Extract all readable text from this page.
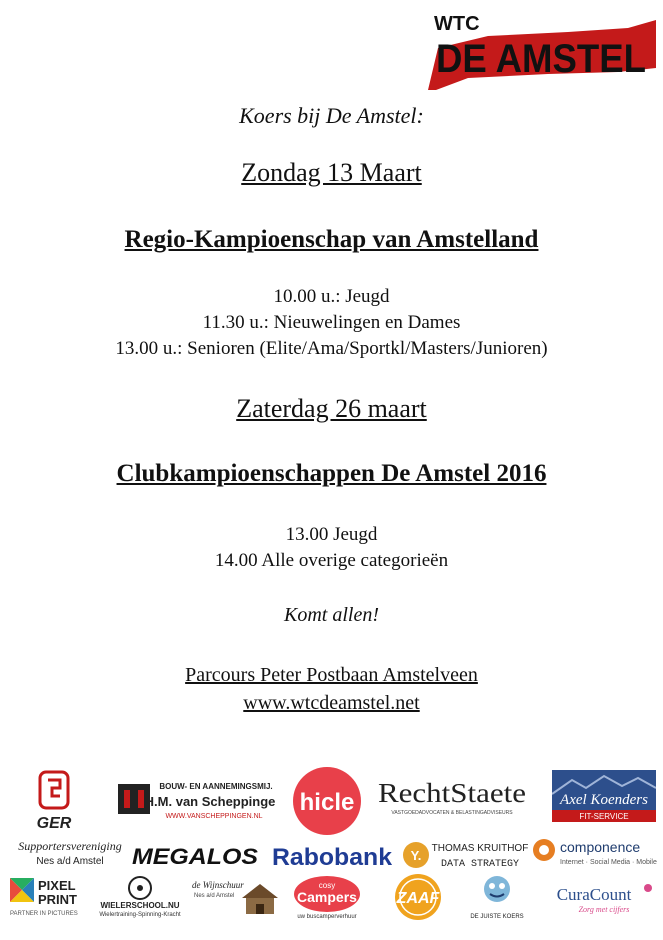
WTC
DE AMSTEL
Koers bij De Amstel:
Zondag 13 Maart
Regio-Kampioenschap van Amstelland
10.00 u.: Jeugd
11.30 u.: Nieuwelingen en Dames
13.00 u.: Senioren (Elite/Ama/Sportkl/Masters/Junioren)
Zaterdag 26 maart
Clubkampioenschappen De Amstel 2016
13.00 Jeugd
14.00 Alle overige categorieën
Komt allen!
Parcours Peter Postbaan Amstelveen
www.wtcdeamstel.net
GER
BOUW- EN AANNEMINGSMIJ.
H.M. van Scheppingen
WWW.VANSCHEPPINGEN.NL
hicle RechtStaete
VASTGOEDADVOCATEN & BELASTINGADVISEURS
Axel Koenders
FIT-SERVICE
Supportersvereniging
Nes a/d Amstel MEGALOS Rabobank Y. THOMAS KRUITHOF
DATA STRATEGY
componence
Internet · Social Media · Mobile
PIXEL
PRINT
PARTNER IN PICTURES
WIELERSCHOOL.NU
Wielertraining-Spinning-Kracht
de Wijnschuur
Nes a/d Amstel
cosy
Campers
uw buscamperverhuur
ZAAF
DE JUISTE KOERS
CuraCount
Zorg met cijfers
